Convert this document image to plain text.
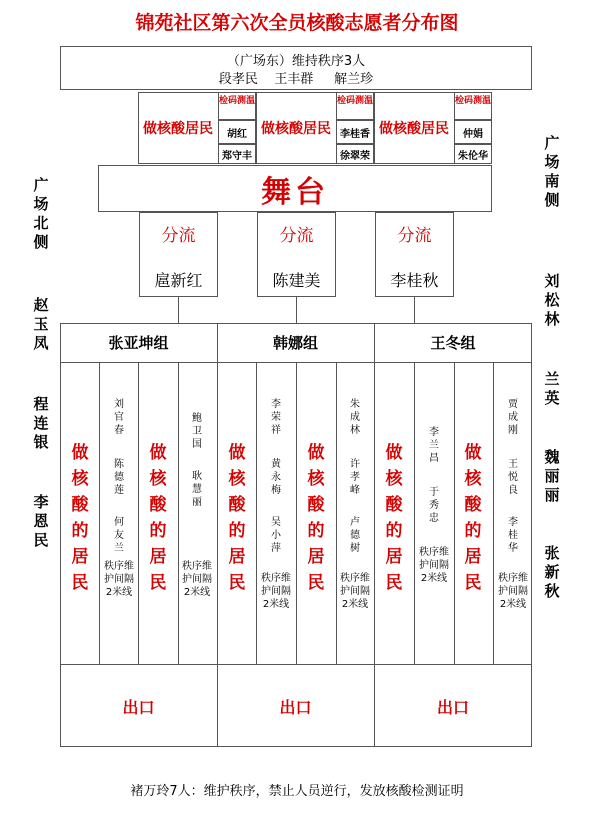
锦苑社区第六次全员核酸志愿者分布图
（广场东）维持秩序3人
段孝民    王丰群     解兰珍
做核酸居民
检码测温
胡红
郑守丰
做核酸居民
检码测温
李桂香
徐翠荣
做核酸居民
检码测温
仲娟
朱伦华
舞台
广场北侧
赵玉凤
程连银
李恩民
广场南侧
刘松林
兰英
魏丽丽
张新秋
分流
扈新红
分流
陈建美
分流
李桂秋
张亚坤组
做核酸的居民
做核酸的居民
刘官春
陈德莲
何友兰
秩序维护间隔2米线
鲍卫国
耿慧丽
秩序维护间隔2米线
出口
韩娜组
做核酸的居民
做核酸的居民
李荣祥
黄永梅
吴小萍
秩序维护间隔2米线
朱成林
许孝峰
卢德树
秩序维护间隔2米线
出口
王冬组
做核酸的居民
做核酸的居民
李兰昌
于秀忠
秩序维护间隔2米线
贾成刚
王悦良
李桂华
秩序维护间隔2米线
出口
褚万玲7人：维护秩序，禁止人员逆行，发放核酸检测证明
